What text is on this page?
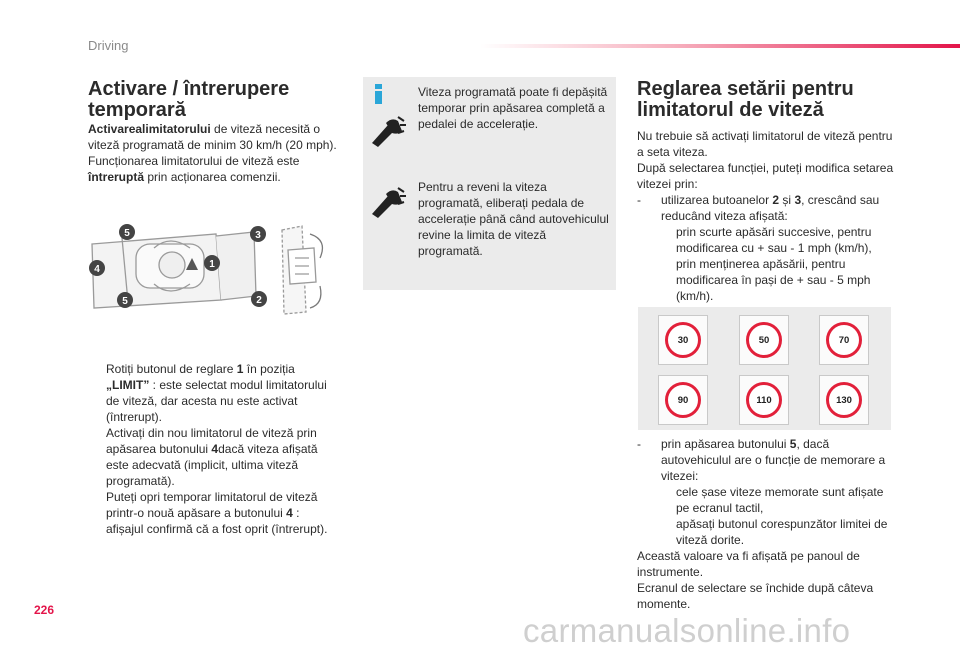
Driving
Activare / întrerupere temporară
Activarealimitatorului de viteză necesită o viteză programată de minim 30 km/h (20 mph). Funcționarea limitatorului de viteză este întreruptă prin acționarea comenzii.
5
4	1
5
3
2
Rotiți butonul de reglare 1 în poziția „LIMIT” : este selectat modul limitatorului de viteză, dar acesta nu este activat (întrerupt).
Activați din nou limitatorul de viteză prin apăsarea butonului 4dacă viteza afișată este adecvată (implicit, ultima viteză programată).
Puteți opri temporar limitatorul de viteză printr-o nouă apăsare a butonului 4 : afișajul confirmă că a fost oprit (întrerupt).
Viteza programată poate fi depășită temporar prin apăsarea completă a pedalei de accelerație.
Pentru a reveni la viteza programată, eliberați pedala de accelerație până când autovehiculul revine la limita de viteză programată.
Reglarea setării pentru limitatorul de viteză
Nu trebuie să activați limitatorul de viteză pentru a seta viteza.
După selectarea funcției, puteți modifica setarea vitezei prin:
- utilizarea butoanelor 2 și 3, crescând sau reducând viteza afișată:
prin scurte apăsări succesive, pentru modificarea cu + sau - 1 mph (km/h),
prin menținerea apăsării, pentru modificarea în pași de + sau - 5 mph (km/h).
30	50	70
90	110	130
- prin apăsarea butonului 5, dacă autovehiculul are o funcție de memorare a vitezei:
cele șase viteze memorate sunt afișate pe ecranul tactil,
apăsați butonul corespunzător limitei de viteză dorite.
Această valoare va fi afișată pe panoul de instrumente.
Ecranul de selectare se închide după câteva momente.
226
carmanualsonline.info
